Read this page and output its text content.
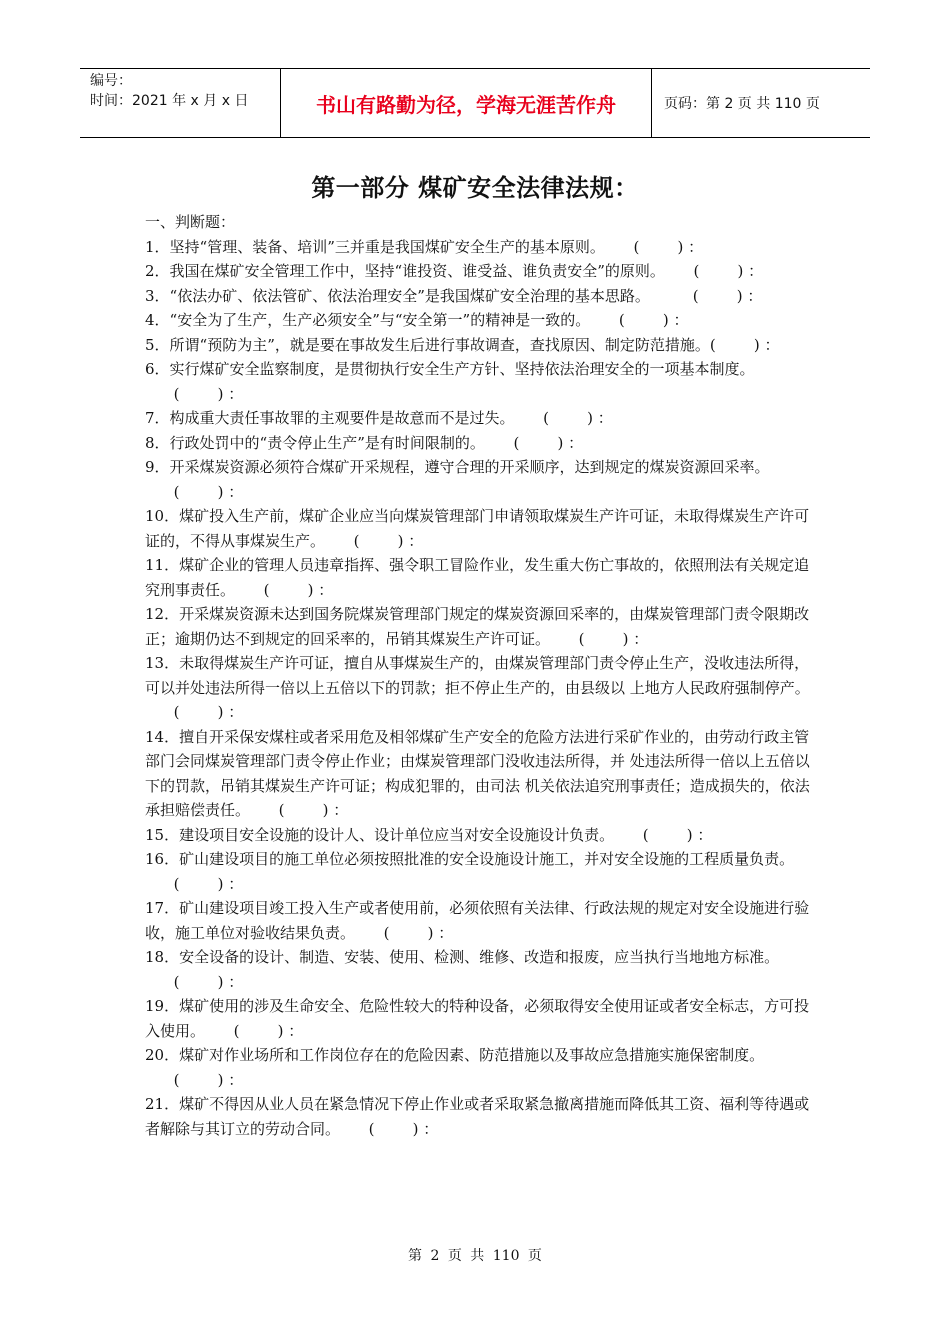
编号：
时间：2021 年 x 月 x 日	书山有路勤为径，学海无涯苦作舟	页码：第 2 页 共 110 页
第一部分 煤矿安全法律法规：

一、判断题：

1．坚持“管理、装备、培训”三并重是我国煤矿安全生产的基本原则。      (        ) ：

2．我国在煤矿安全管理工作中，坚持“谁投资、谁受益、谁负责安全”的原则。      (        ) ：

3．“依法办矿、依法管矿、依法治理安全”是我国煤矿安全治理的基本思路。         (        ) ：

4．“安全为了生产，生产必须安全”与“安全第一”的精神是一致的。      (        ) ：

5．所谓“预防为主”，就是要在事故发生后进行事故调查，查找原因、制定防范措施。(        ) ：

6．实行煤矿安全监察制度，是贯彻执行安全生产方针、坚持依法治理安全的一项基本制度。      (        ) ：

7．构成重大责任事故罪的主观要件是故意而不是过失。      (        ) ：

8．行政处罚中的“责令停止生产”是有时间限制的。      (        ) ：

9．开采煤炭资源必须符合煤矿开采规程，遵守合理的开采顺序，达到规定的煤炭资源回采率。      (        ) ：

10．煤矿投入生产前，煤矿企业应当向煤炭管理部门申请领取煤炭生产许可证，未取得煤炭生产许可证的，不得从事煤炭生产。      (        ) ：

11．煤矿企业的管理人员违章指挥、强令职工冒险作业，发生重大伤亡事故的，依照刑法有关规定追究刑事责任。      (        ) ：

12．开采煤炭资源未达到国务院煤炭管理部门规定的煤炭资源回采率的，由煤炭管理部门责令限期改正；逾期仍达不到规定的回采率的，吊销其煤炭生产许可证。      (        ) ：

13．未取得煤炭生产许可证，擅自从事煤炭生产的，由煤炭管理部门责令停止生产，没收违法所得，可以并处违法所得一倍以上五倍以下的罚款；拒不停止生产的，由县级以 上地方人民政府强制停产。      (        ) ：

14．擅自开采保安煤柱或者采用危及相邻煤矿生产安全的危险方法进行采矿作业的，由劳动行政主管部门会同煤炭管理部门责令停止作业；由煤炭管理部门没收违法所得，并 处违法所得一倍以上五倍以下的罚款，吊销其煤炭生产许可证；构成犯罪的，由司法 机关依法追究刑事责任；造成损失的，依法承担赔偿责任。      (        ) ：

15．建设项目安全设施的设计人、设计单位应当对安全设施设计负责。      (        ) ：

16．矿山建设项目的施工单位必须按照批准的安全设施设计施工，并对安全设施的工程质量负责。      (        ) ：

17．矿山建设项目竣工投入生产或者使用前，必须依照有关法律、行政法规的规定对安全设施进行验收，施工单位对验收结果负责。      (        ) ：

18．安全设备的设计、制造、安装、使用、检测、维修、改造和报废，应当执行当地地方标准。      (        ) ：

19．煤矿使用的涉及生命安全、危险性较大的特种设备，必须取得安全使用证或者安全标志，方可投入使用。      (        ) ：

20．煤矿对作业场所和工作岗位存在的危险因素、防范措施以及事故应急措施实施保密制度。      (        ) ：

21．煤矿不得因从业人员在紧急情况下停止作业或者采取紧急撤离措施而降低其工资、福利等待遇或者解除与其订立的劳动合同。      (        ) ：

第 2 页 共 110 页
